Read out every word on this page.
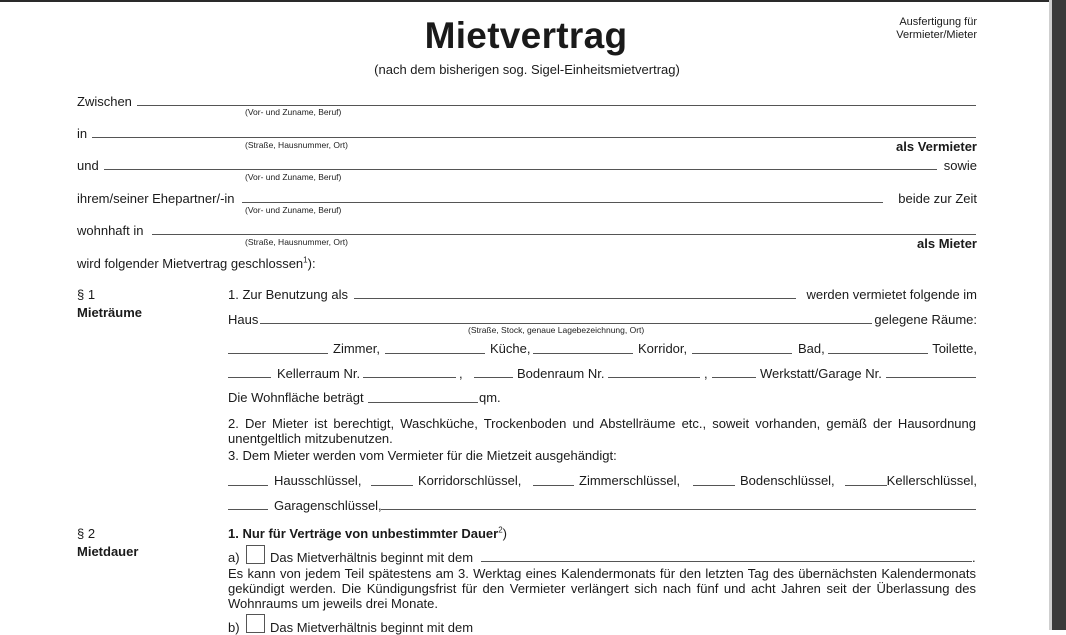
Mietvertrag
(nach dem bisherigen sog. Sigel-Einheitsmietvertrag)
Ausfertigung für
Vermieter/Mieter
Zwischen
(Vor- und Zuname, Beruf)
in
(Straße, Hausnummer, Ort)	als Vermieter
und	sowie
(Vor- und Zuname, Beruf)
ihrem/seiner Ehepartner/-in	beide zur Zeit
(Vor- und Zuname, Beruf)
wohnhaft in
(Straße, Hausnummer, Ort)	als Mieter
wird folgender Mietvertrag geschlossen$^1$):
§ 1
Mieträume
1. Zur Benutzung als	werden vermietet folgende im
Haus	gelegene Räume:
(Straße, Stock, genaue Lagebezeichnung, Ort)
Zimmer,	Küche,	Korridor,	Bad,	Toilette,
Kellerraum Nr.	,	Bodenraum Nr.	,	Werkstatt/Garage Nr.
Die Wohnfläche beträgt	qm.
2. Der Mieter ist berechtigt, Waschküche, Trockenboden und Abstellräume etc., soweit vorhanden, gemäß der Hausordnung unentgeltlich mitzubenutzen.
3. Dem Mieter werden vom Vermieter für die Mietzeit ausgehändigt:
Hausschlüssel,	Korridorschlüssel,	Zimmerschlüssel,	Bodenschlüssel,	Kellerschlüssel,
Garagenschlüssel,
§ 2
Mietdauer
1. Nur für Verträge von unbestimmter Dauer$^2$)
a) Das Mietverhältnis beginnt mit dem	.
Es kann von jedem Teil spätestens am 3. Werktag eines Kalendermonats für den letzten Tag des übernächsten Kalendermonats gekündigt werden. Die Kündigungsfrist für den Vermieter verlängert sich nach fünf und acht Jahren seit der Überlassung des Wohnraums um jeweils drei Monate.
b) Das Mietverhältnis beginnt mit dem
